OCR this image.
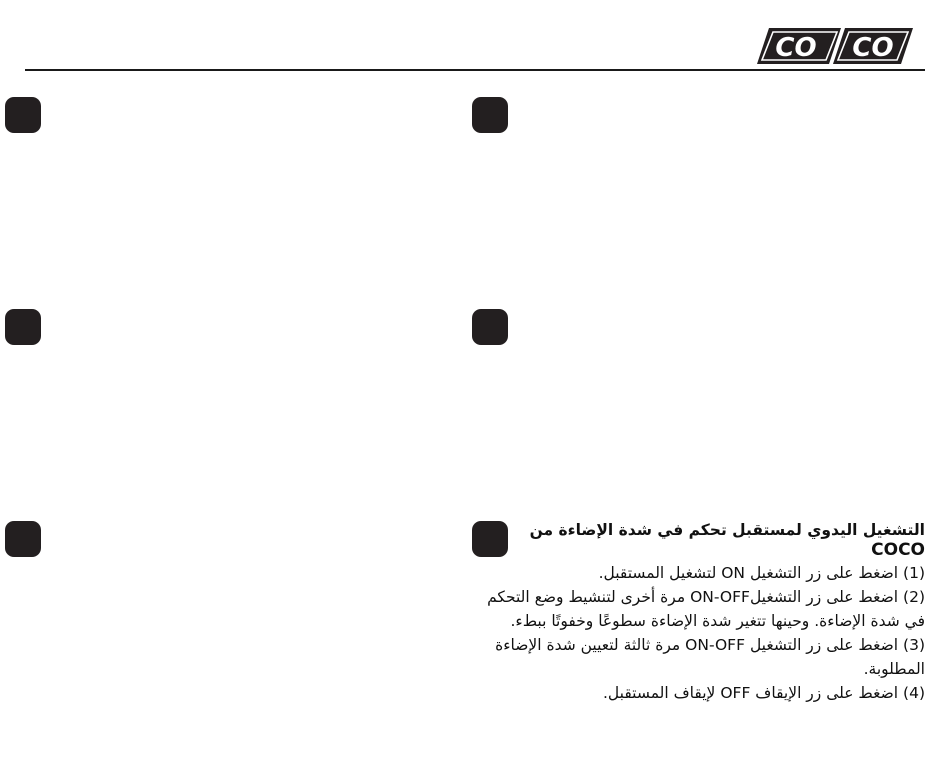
CO CO
التشغيل اليدوي لمستقبل تحكم في شدة الإضاءة من
COCO
(1) اضغط على زر التشغيل ON لتشغيل المستقبل.
(2) اضغط على زر التشغيلON-OFF مرة أخرى لتنشيط وضع التحكم في شدة الإضاءة. وحينها تتغير شدة الإضاءة سطوعًا وخفوتًا ببطء.
(3) اضغط على زر التشغيل ON-OFF مرة ثالثة لتعيين شدة الإضاءة المطلوبة.
(4) اضغط على زر الإيقاف OFF لإيقاف المستقبل.
